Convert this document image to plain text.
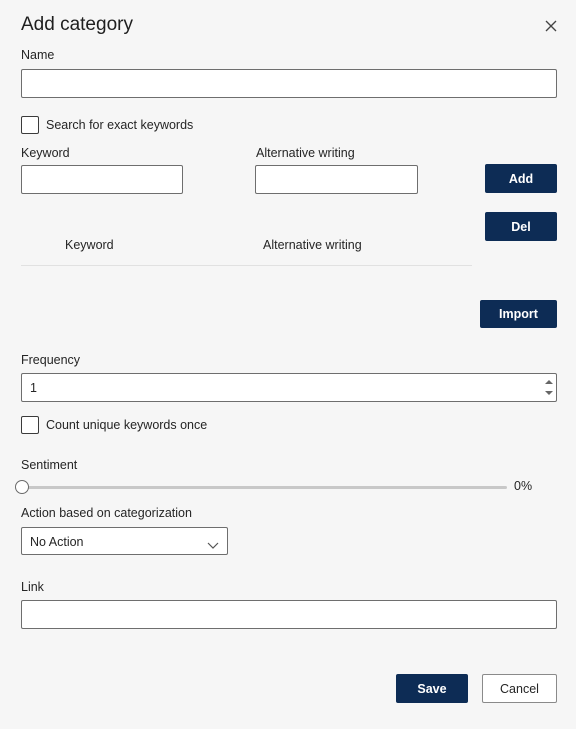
Add category
Name
Search for exact keywords
Keyword	Alternative writing
Add
Del
Keyword	Alternative writing
Import
Frequency
1
Count unique keywords once
Sentiment
0%
Action based on categorization
No Action
Link
Save	Cancel
